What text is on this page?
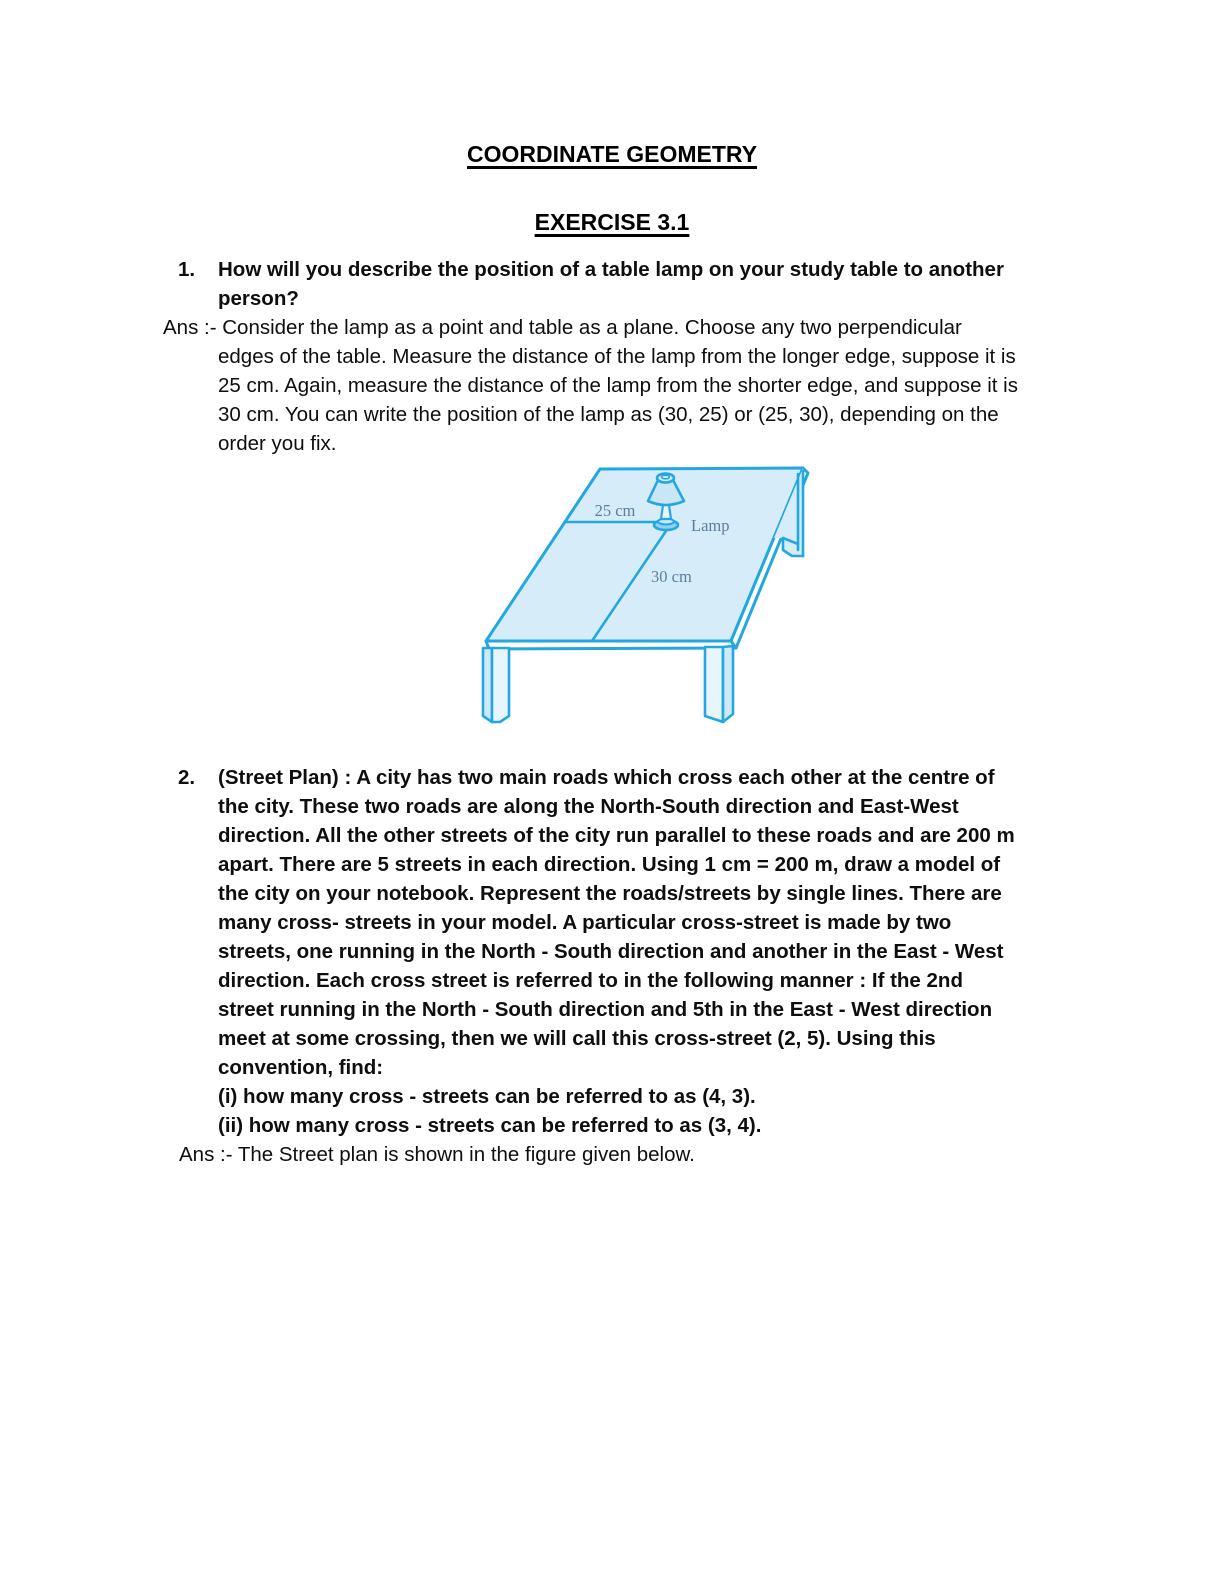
COORDINATE GEOMETRY
EXERCISE 3.1
1. How will you describe the position of a table lamp on your study table to another
person?
Ans :- Consider the lamp as a point and table as a plane. Choose any two perpendicular
edges of the table. Measure the distance of the lamp from the longer edge, suppose it is
25 cm. Again, measure the distance of the lamp from the shorter edge, and suppose it is
30 cm. You can write the position of the lamp as (30, 25) or (25, 30), depending on the
order you fix.
25 cm
Lamp
30 cm
2. (Street Plan) : A city has two main roads which cross each other at the centre of
the city. These two roads are along the North-South direction and East-West
direction. All the other streets of the city run parallel to these roads and are 200 m
apart. There are 5 streets in each direction. Using 1 cm = 200 m, draw a model of
the city on your notebook. Represent the roads/streets by single lines. There are
many cross- streets in your model. A particular cross-street is made by two
streets, one running in the North - South direction and another in the East - West
direction. Each cross street is referred to in the following manner : If the 2nd
street running in the North - South direction and 5th in the East - West direction
meet at some crossing, then we will call this cross-street (2, 5). Using this
convention, find:
(i) how many cross - streets can be referred to as (4, 3).
(ii) how many cross - streets can be referred to as (3, 4).
Ans :- The Street plan is shown in the figure given below.
